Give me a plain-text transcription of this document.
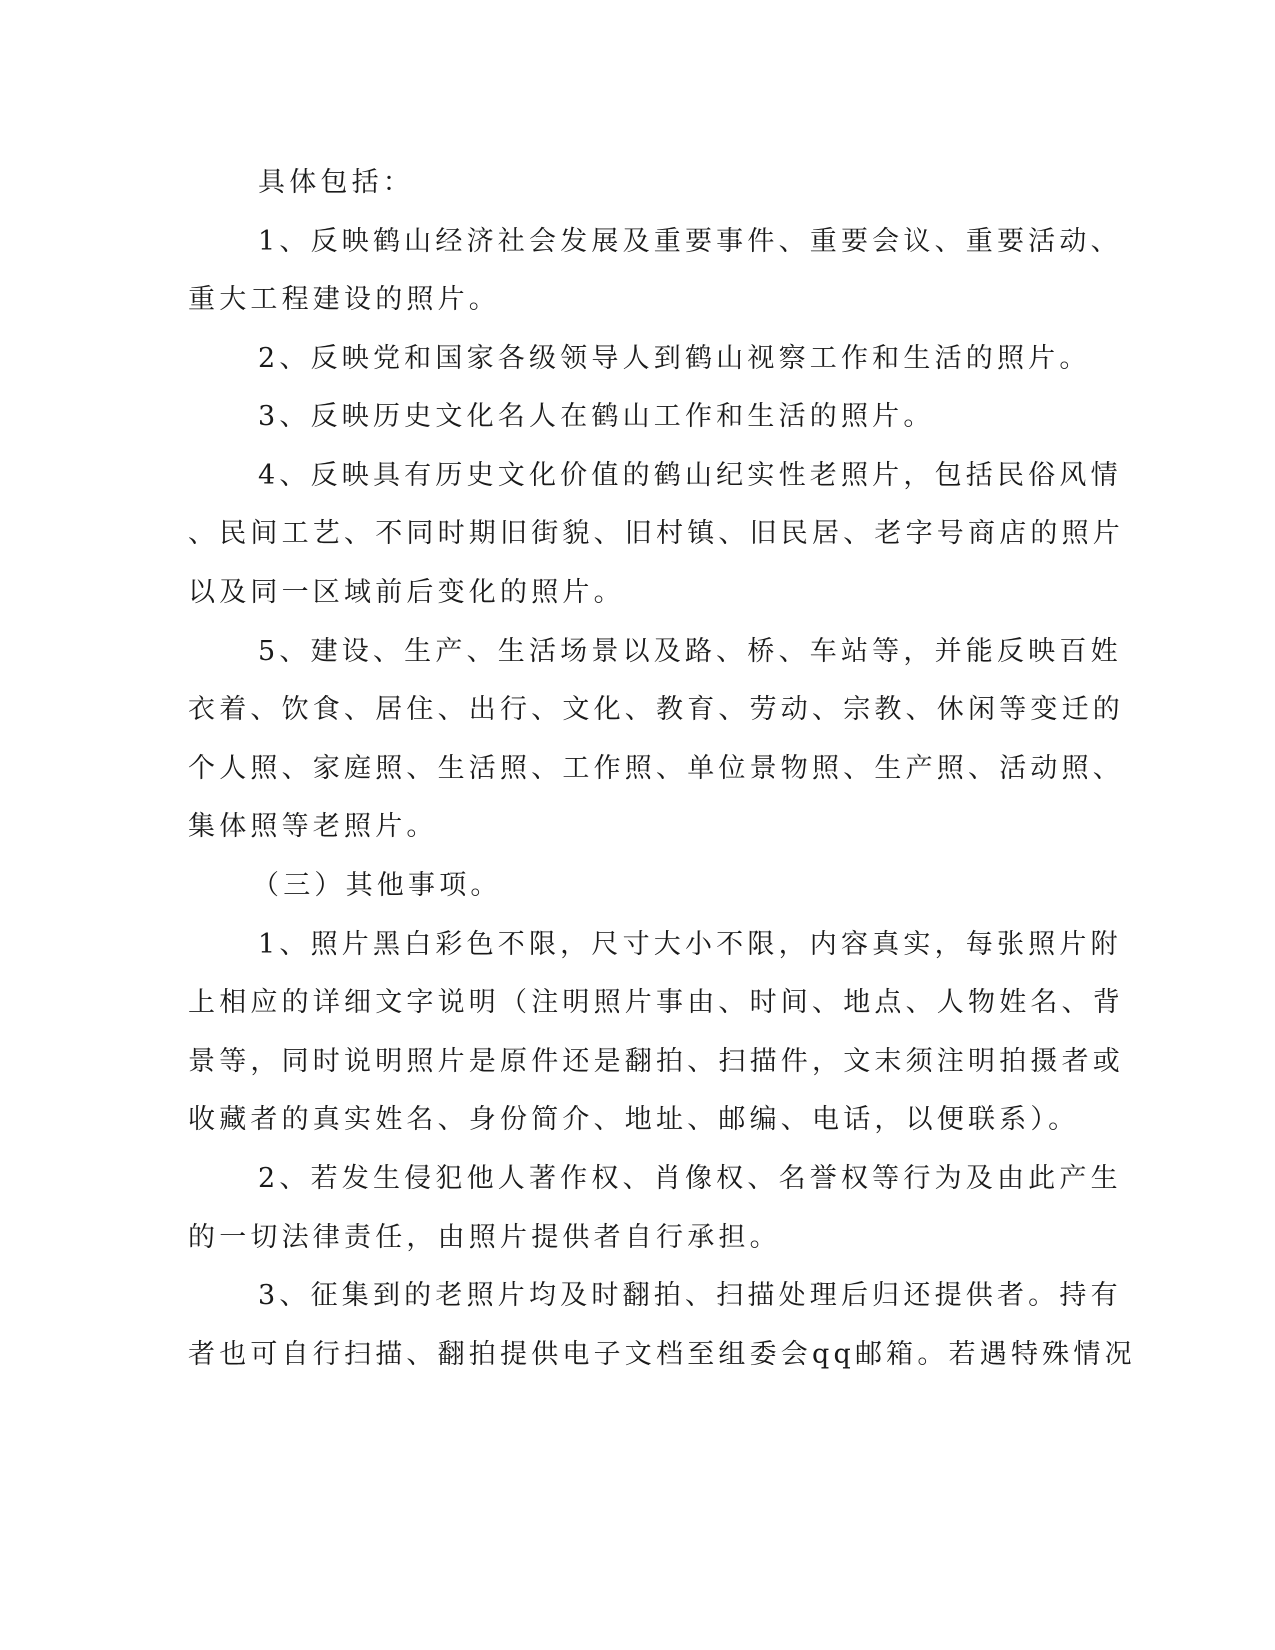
具体包括：
1、反映鹤山经济社会发展及重要事件、重要会议、重要活动、
重大工程建设的照片。
2、反映党和国家各级领导人到鹤山视察工作和生活的照片。
3、反映历史文化名人在鹤山工作和生活的照片。
4、反映具有历史文化价值的鹤山纪实性老照片，包括民俗风情
、民间工艺、不同时期旧街貌、旧村镇、旧民居、老字号商店的照片
以及同一区域前后变化的照片。
5、建设、生产、生活场景以及路、桥、车站等，并能反映百姓
衣着、饮食、居住、出行、文化、教育、劳动、宗教、休闲等变迁的
个人照、家庭照、生活照、工作照、单位景物照、生产照、活动照、
集体照等老照片。
（三）其他事项。
1、照片黑白彩色不限，尺寸大小不限，内容真实，每张照片附
上相应的详细文字说明（注明照片事由、时间、地点、人物姓名、背
景等，同时说明照片是原件还是翻拍、扫描件，文末须注明拍摄者或
收藏者的真实姓名、身份简介、地址、邮编、电话，以便联系）。
2、若发生侵犯他人著作权、肖像权、名誉权等行为及由此产生
的一切法律责任，由照片提供者自行承担。
3、征集到的老照片均及时翻拍、扫描处理后归还提供者。持有
者也可自行扫描、翻拍提供电子文档至组委会qq邮箱。若遇特殊情况
